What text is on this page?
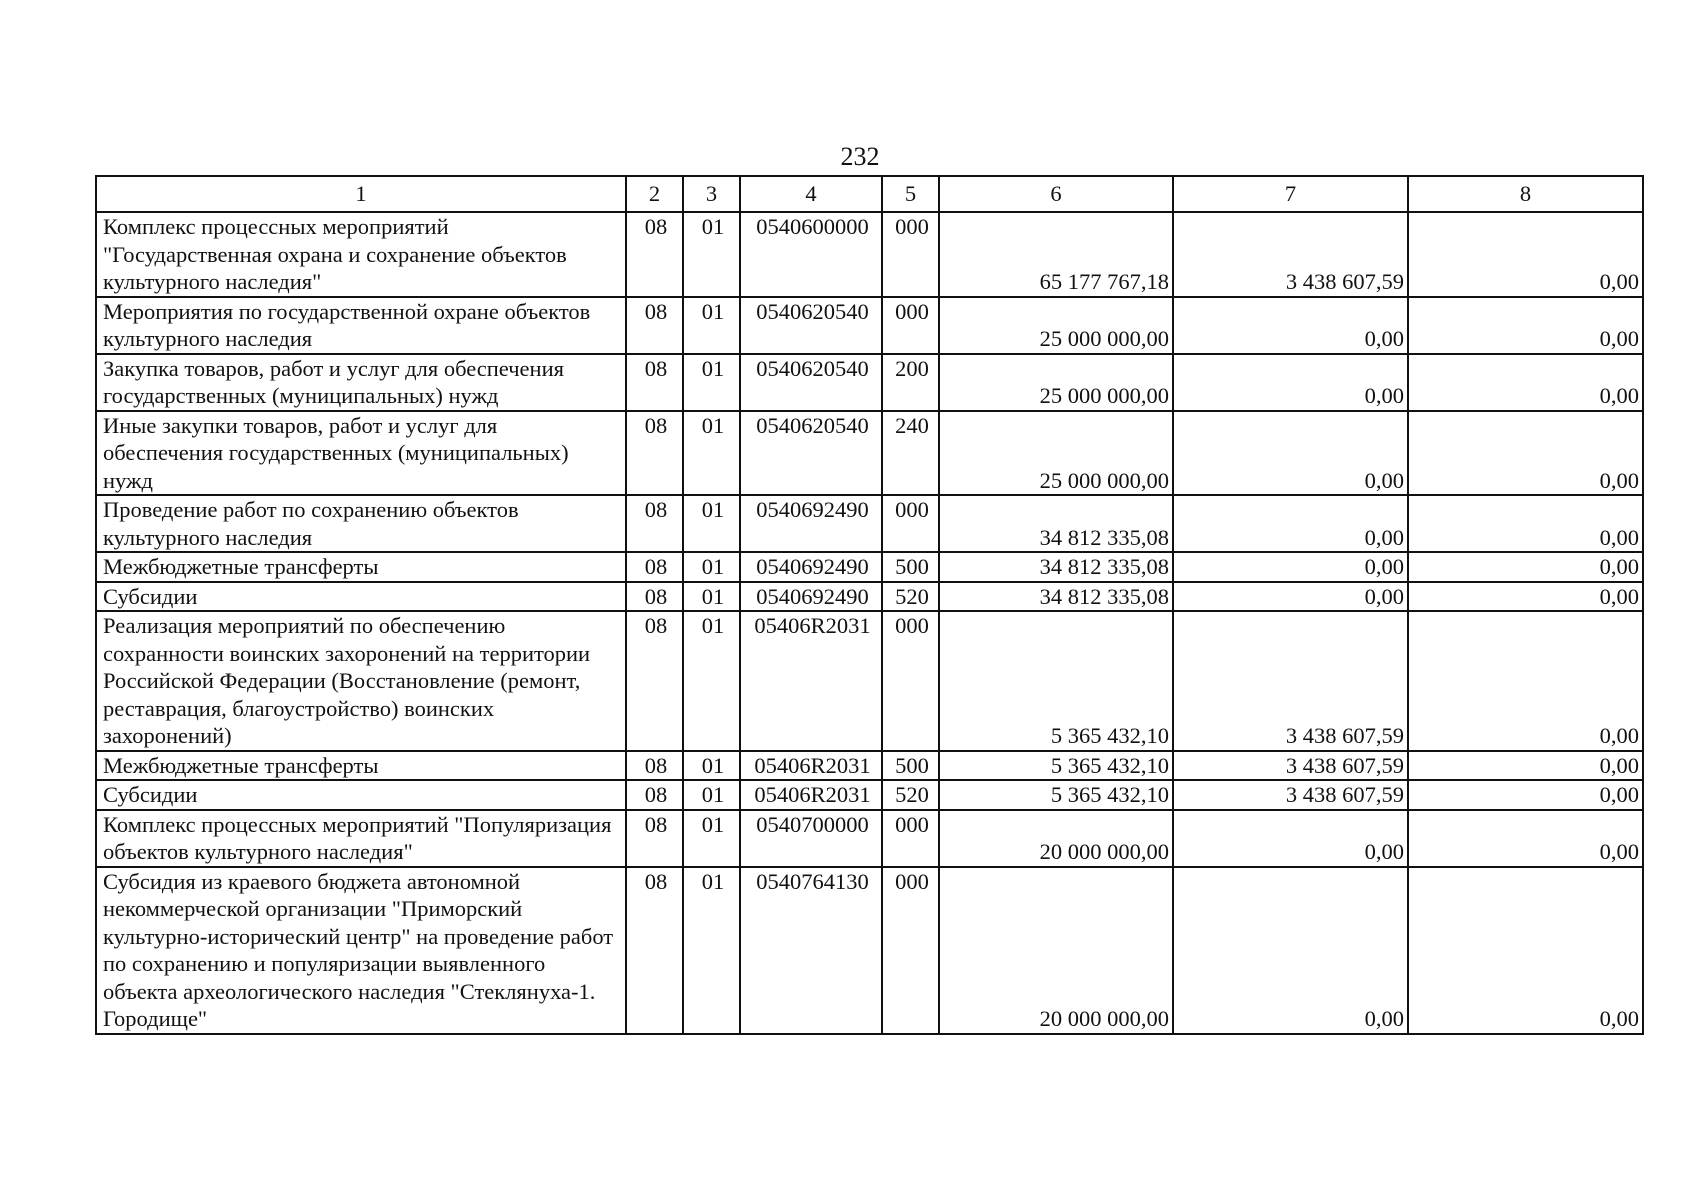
232
1	2	3	4	5	6	7	8
Комплекс процессных мероприятий "Государственная охрана и сохранение объектов культурного наследия"	08	01	0540600000	000	65 177 767,18	3 438 607,59	0,00
Мероприятия по государственной охране объектов культурного наследия	08	01	0540620540	000	25 000 000,00	0,00	0,00
Закупка товаров, работ и услуг для обеспечения государственных (муниципальных) нужд	08	01	0540620540	200	25 000 000,00	0,00	0,00
Иные закупки товаров, работ и услуг для обеспечения государственных (муниципальных) нужд	08	01	0540620540	240	25 000 000,00	0,00	0,00
Проведение работ по сохранению объектов культурного наследия	08	01	0540692490	000	34 812 335,08	0,00	0,00
Межбюджетные трансферты	08	01	0540692490	500	34 812 335,08	0,00	0,00
Субсидии	08	01	0540692490	520	34 812 335,08	0,00	0,00
Реализация мероприятий по обеспечению сохранности воинских захоронений на территории Российской Федерации (Восстановление (ремонт, реставрация, благоустройство) воинских захоронений)	08	01	05406R2031	000	5 365 432,10	3 438 607,59	0,00
Межбюджетные трансферты	08	01	05406R2031	500	5 365 432,10	3 438 607,59	0,00
Субсидии	08	01	05406R2031	520	5 365 432,10	3 438 607,59	0,00
Комплекс процессных мероприятий "Популяризация объектов культурного наследия"	08	01	0540700000	000	20 000 000,00	0,00	0,00
Субсидия из краевого бюджета автономной некоммерческой организации "Приморский культурно-исторический центр" на проведение работ по сохранению и популяризации выявленного объекта археологического наследия "Стеклянуха-1. Городище"	08	01	0540764130	000	20 000 000,00	0,00	0,00
